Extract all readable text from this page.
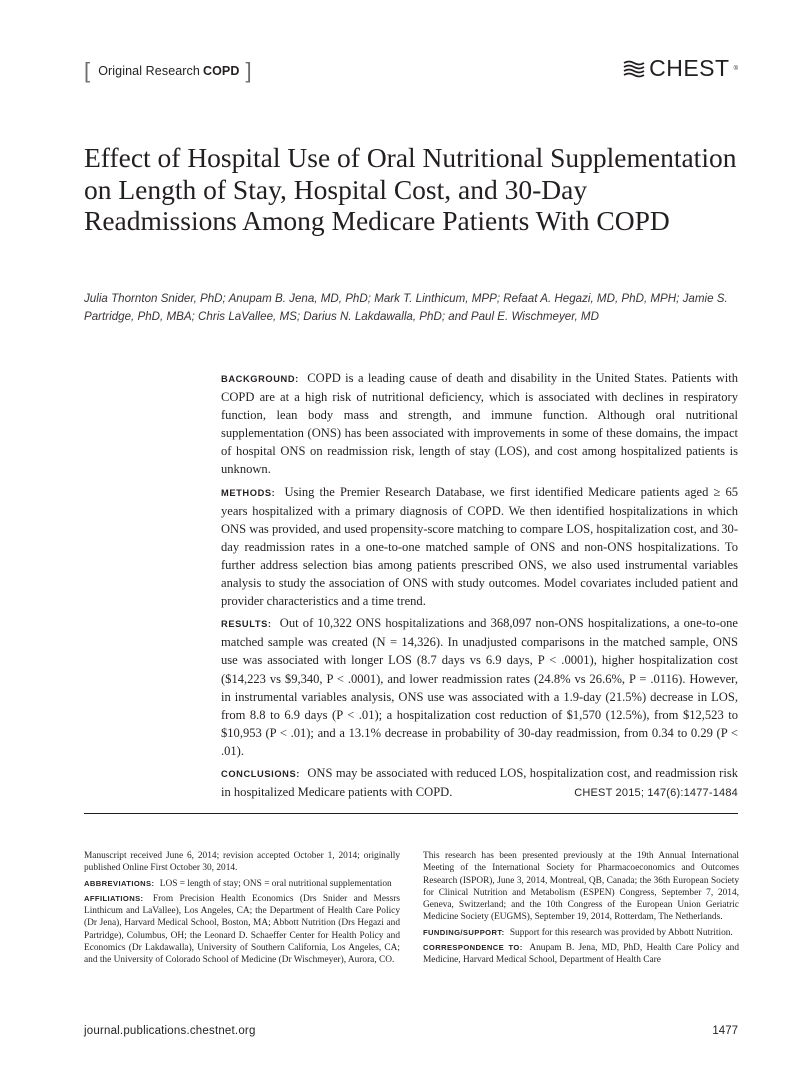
[ Original Research COPD ]	CHEST ®
Effect of Hospital Use of Oral Nutritional Supplementation on Length of Stay, Hospital Cost, and 30-Day Readmissions Among Medicare Patients With COPD

Julia Thornton Snider, PhD; Anupam B. Jena, MD, PhD; Mark T. Linthicum, MPP; Refaat A. Hegazi, MD, PhD, MPH; Jamie S. Partridge, PhD, MBA; Chris LaVallee, MS; Darius N. Lakdawalla, PhD; and Paul E. Wischmeyer, MD

BACKGROUND: COPD is a leading cause of death and disability in the United States. Patients with COPD are at a high risk of nutritional deficiency, which is associated with declines in respiratory function, lean body mass and strength, and immune function. Although oral nutritional supplementation (ONS) has been associated with improvements in some of these domains, the impact of hospital ONS on readmission risk, length of stay (LOS), and cost among hospitalized patients is unknown.

METHODS: Using the Premier Research Database, we first identified Medicare patients aged ≥ 65 years hospitalized with a primary diagnosis of COPD. We then identified hospitalizations in which ONS was provided, and used propensity-score matching to compare LOS, hospitalization cost, and 30-day readmission rates in a one-to-one matched sample of ONS and non-ONS hospitalizations. To further address selection bias among patients prescribed ONS, we also used instrumental variables analysis to study the association of ONS with study outcomes. Model covariates included patient and provider characteristics and a time trend.

RESULTS: Out of 10,322 ONS hospitalizations and 368,097 non-ONS hospitalizations, a one-to-one matched sample was created (N = 14,326). In unadjusted comparisons in the matched sample, ONS use was associated with longer LOS (8.7 days vs 6.9 days, P < .0001), higher hospitalization cost ($14,223 vs $9,340, P < .0001), and lower readmission rates (24.8% vs 26.6%, P = .0116). However, in instrumental variables analysis, ONS use was associated with a 1.9-day (21.5%) decrease in LOS, from 8.8 to 6.9 days (P < .01); a hospitalization cost reduction of $1,570 (12.5%), from $12,523 to $10,953 (P < .01); and a 13.1% decrease in probability of 30-day readmission, from 0.34 to 0.29 (P < .01).

CONCLUSIONS: ONS may be associated with reduced LOS, hospitalization cost, and readmission risk in hospitalized Medicare patients with COPD.	CHEST 2015; 147(6):1477-1484

Manuscript received June 6, 2014; revision accepted October 1, 2014; originally published Online First October 30, 2014.

ABBREVIATIONS: LOS = length of stay; ONS = oral nutritional supplementation

AFFILIATIONS: From Precision Health Economics (Drs Snider and Messrs Linthicum and LaVallee), Los Angeles, CA; the Department of Health Care Policy (Dr Jena), Harvard Medical School, Boston, MA; Abbott Nutrition (Drs Hegazi and Partridge), Columbus, OH; the Leonard D. Schaeffer Center for Health Policy and Economics (Dr Lakdawalla), University of Southern California, Los Angeles, CA; and the University of Colorado School of Medicine (Dr Wischmeyer), Aurora, CO.

This research has been presented previously at the 19th Annual International Meeting of the International Society for Pharmacoeconomics and Outcomes Research (ISPOR), June 3, 2014, Montreal, QB, Canada; the 36th European Society for Clinical Nutrition and Metabolism (ESPEN) Congress, September 7, 2014, Geneva, Switzerland; and the 10th Congress of the European Union Geriatric Medicine Society (EUGMS), September 19, 2014, Rotterdam, The Netherlands.

FUNDING/SUPPORT: Support for this research was provided by Abbott Nutrition.

CORRESPONDENCE TO: Anupam B. Jena, MD, PhD, Health Care Policy and Medicine, Harvard Medical School, Department of Health Care

journal.publications.chestnet.org	1477
